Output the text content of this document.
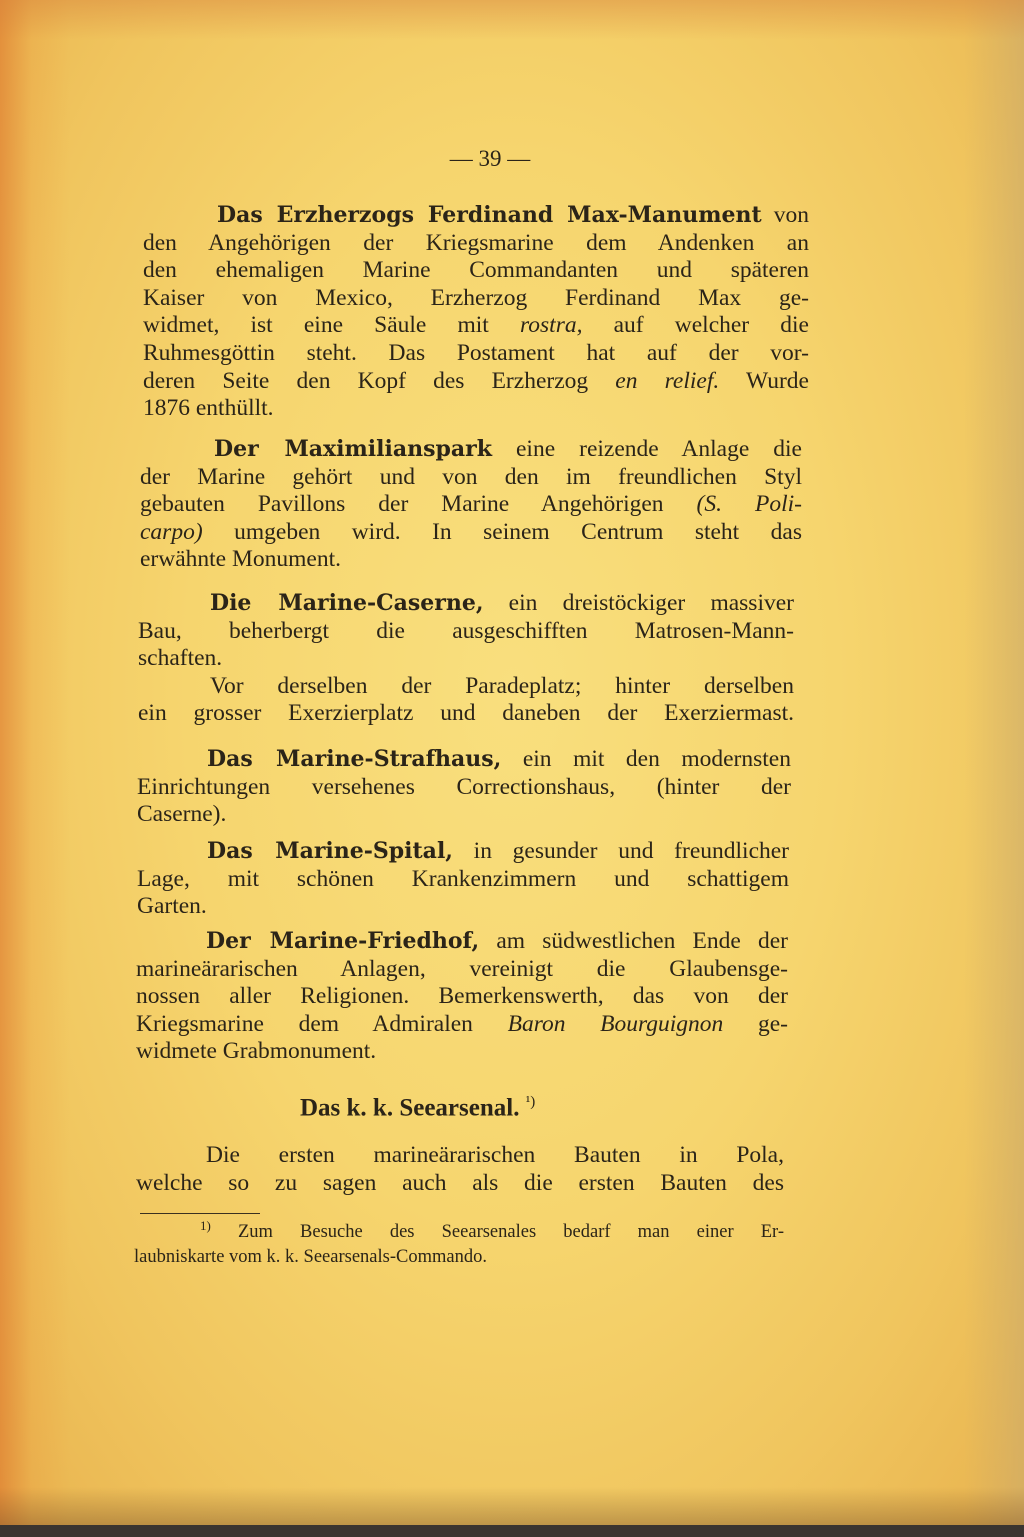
— 39 —
Das Erzherzogs Ferdinand Max-Manument von
den Angehörigen der Kriegsmarine dem Andenken an
den ehemaligen Marine Commandanten und späteren
Kaiser von Mexico, Erzherzog Ferdinand Max ge-
widmet, ist eine Säule mit rostra, auf welcher die
Ruhmesgöttin steht. Das Postament hat auf der vor-
deren Seite den Kopf des Erzherzog en relief. Wurde
1876 enthüllt.
Der Maximilianspark eine reizende Anlage die
der Marine gehört und von den im freundlichen Styl
gebauten Pavillons der Marine Angehörigen (S. Poli-
carpo) umgeben wird. In seinem Centrum steht das
erwähnte Monument.
Die Marine-Caserne, ein dreistöckiger massiver
Bau, beherbergt die ausgeschifften Matrosen-Mann-
schaften.
Vor derselben der Paradeplatz; hinter derselben
ein grosser Exerzierplatz und daneben der Exerziermast.
Das Marine-Strafhaus, ein mit den modernsten
Einrichtungen versehenes Correctionshaus, (hinter der
Caserne).
Das Marine-Spital, in gesunder und freundlicher
Lage, mit schönen Krankenzimmern und schattigem
Garten.
Der Marine-Friedhof, am südwestlichen Ende der
marineärarischen Anlagen, vereinigt die Glaubensge-
nossen aller Religionen. Bemerkenswerth, das von der
Kriegsmarine dem Admiralen Baron Bourguignon ge-
widmete Grabmonument.
Das k. k. Seearsenal. $^{^1)}$
Die ersten marineärarischen Bauten in Pola,
welche so zu sagen auch als die ersten Bauten des
$^{1)}$ Zum Besuche des Seearsenales bedarf man einer Er-
laubniskarte vom k. k. Seearsenals-Commando.
